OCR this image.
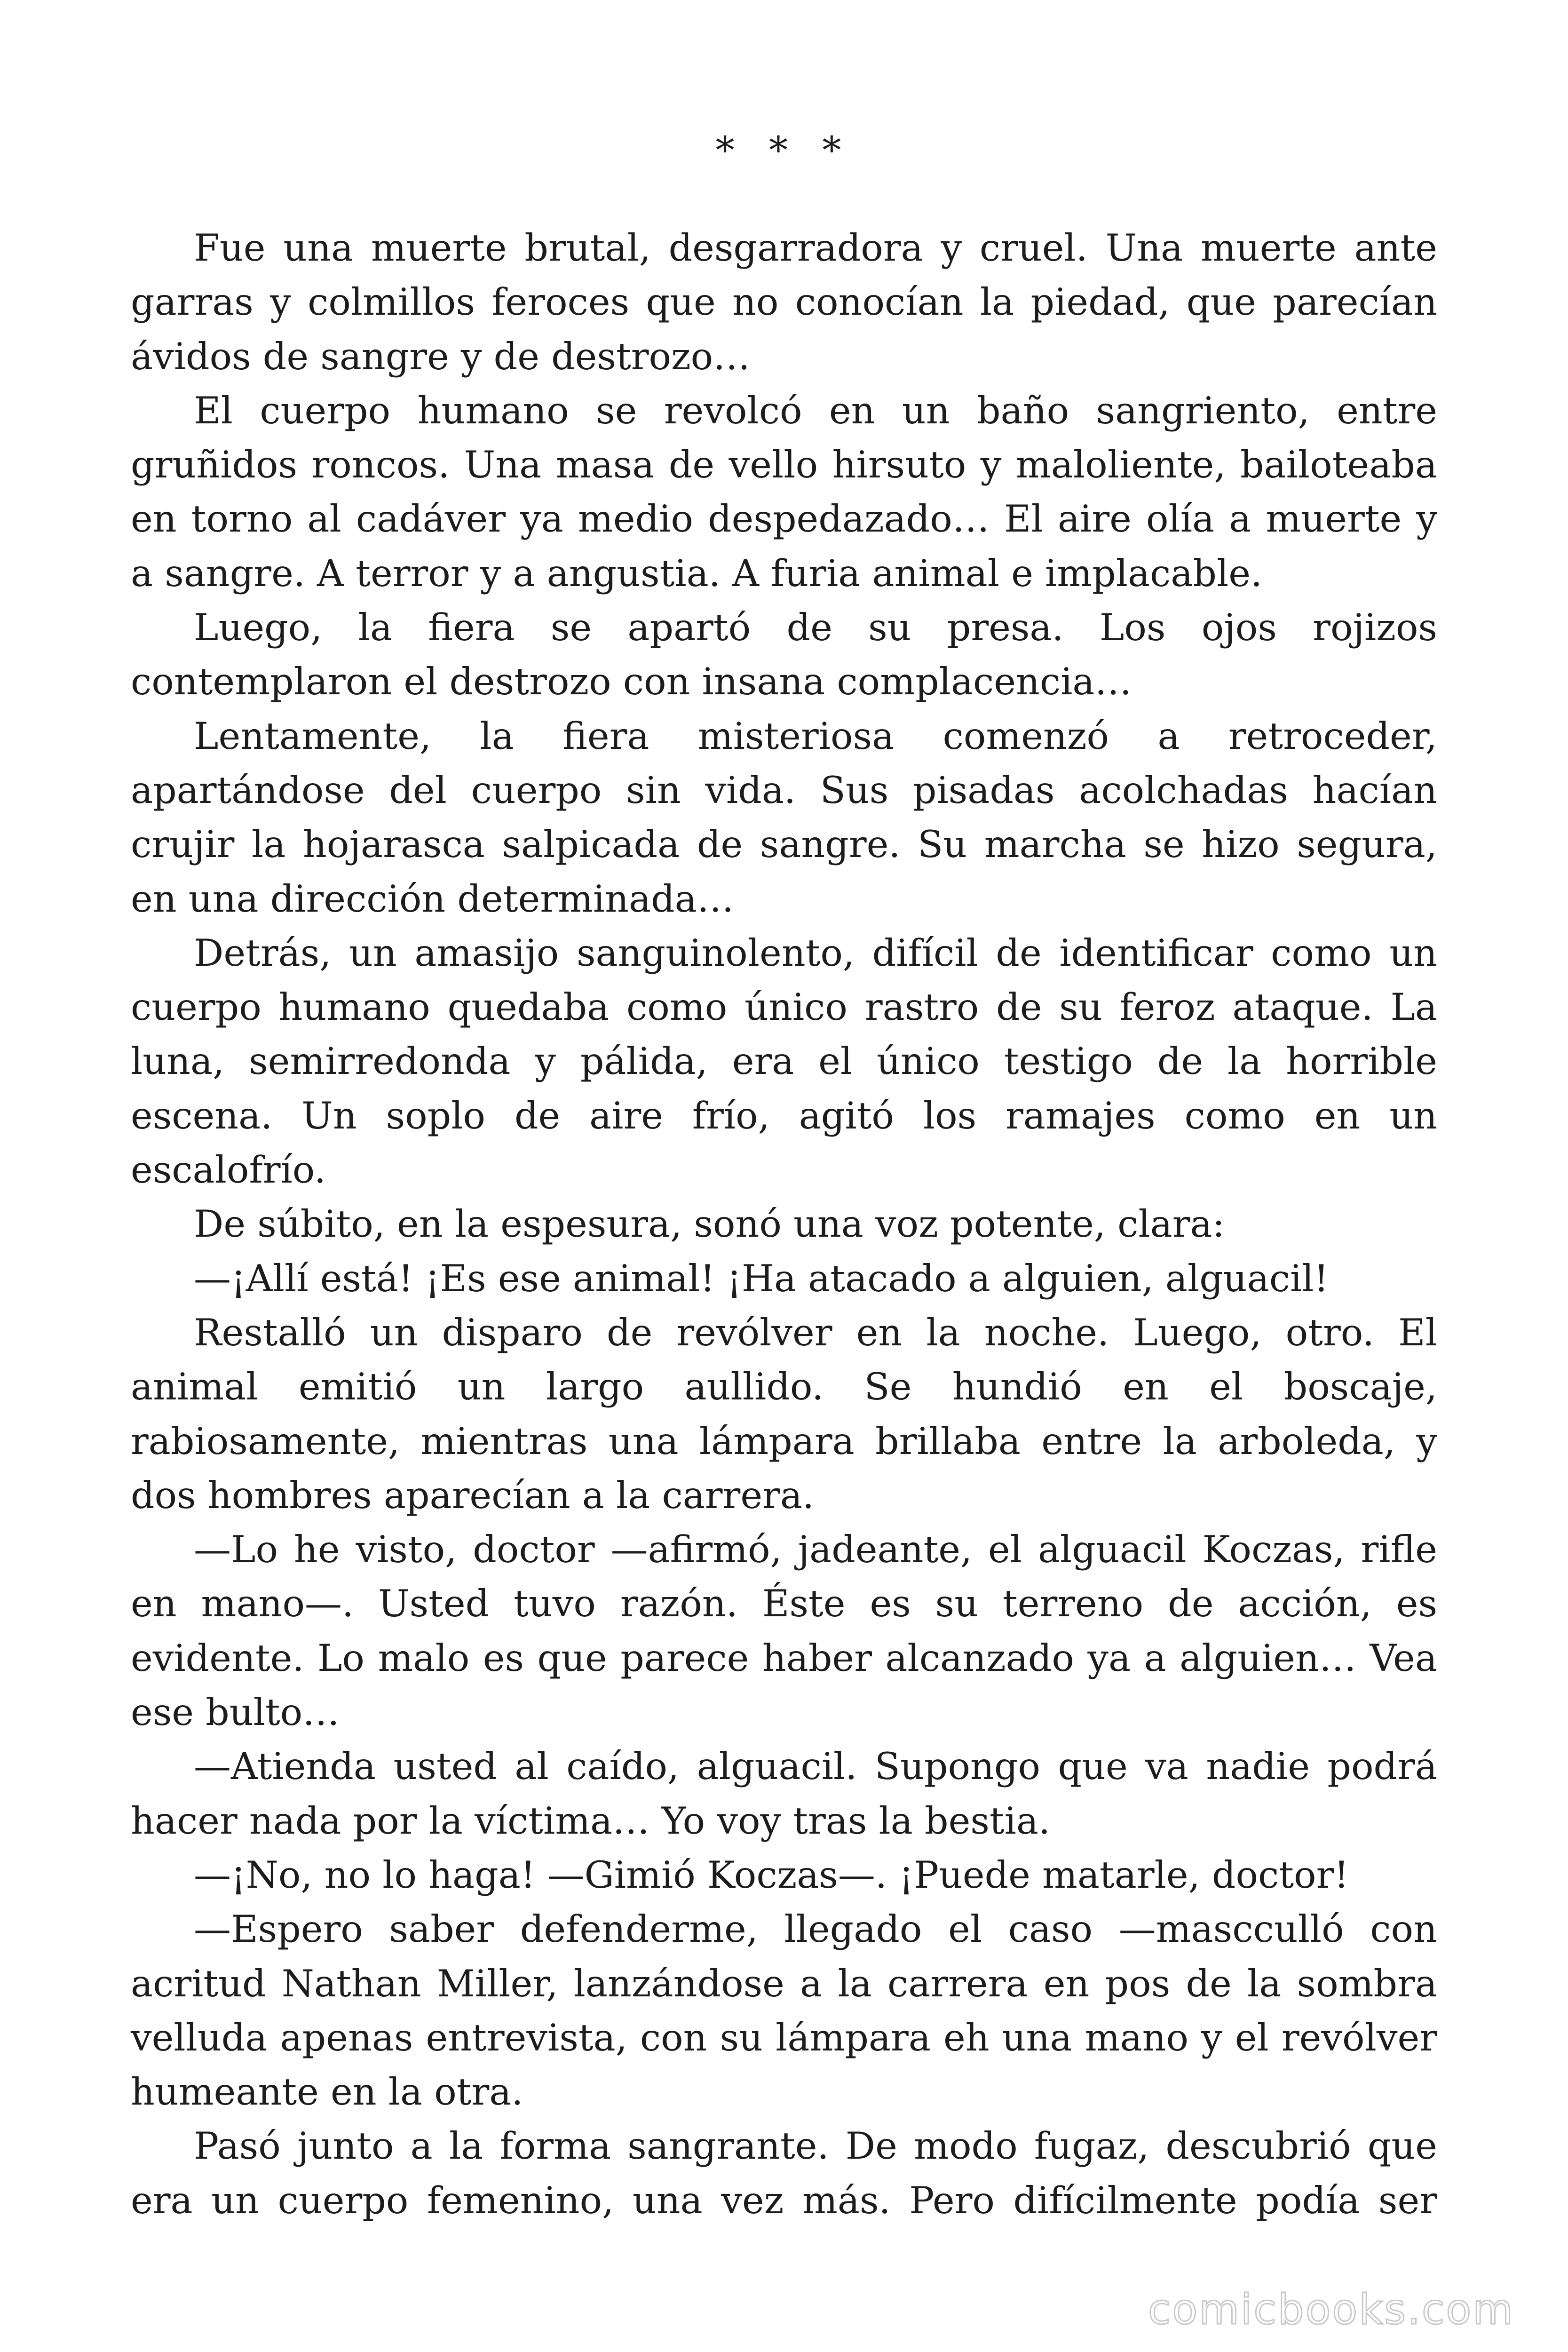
* * *

Fue una muerte brutal, desgarradora y cruel. Una muerte ante garras y colmillos feroces que no conocían la piedad, que parecían ávidos de sangre y de destrozo…

El cuerpo humano se revolcó en un baño sangriento, entre gruñidos roncos. Una masa de vello hirsuto y maloliente, bailoteaba en torno al cadáver ya medio despedazado… El aire olía a muerte y a sangre. A terror y a angustia. A furia animal e implacable.

Luego, la fiera se apartó de su presa. Los ojos rojizos contemplaron el destrozo con insana complacencia…

Lentamente, la fiera misteriosa comenzó a retroceder, apartándose del cuerpo sin vida. Sus pisadas acolchadas hacían crujir la hojarasca salpicada de sangre. Su marcha se hizo segura, en una dirección determinada…

Detrás, un amasijo sanguinolento, difícil de identificar como un cuerpo humano quedaba como único rastro de su feroz ataque. La luna, semirredonda y pálida, era el único testigo de la horrible escena. Un soplo de aire frío, agitó los ramajes como en un escalofrío.

De súbito, en la espesura, sonó una voz potente, clara:

—¡Allí está! ¡Es ese animal! ¡Ha atacado a alguien, alguacil!

Restalló un disparo de revólver en la noche. Luego, otro. El animal emitió un largo aullido. Se hundió en el boscaje, rabiosamente, mientras una lámpara brillaba entre la arboleda, y dos hombres aparecían a la carrera.

—Lo he visto, doctor —afirmó, jadeante, el alguacil Koczas, rifle en mano—. Usted tuvo razón. Éste es su terreno de acción, es evidente. Lo malo es que parece haber alcanzado ya a alguien… Vea ese bulto…

—Atienda usted al caído, alguacil. Supongo que va nadie podrá hacer nada por la víctima… Yo voy tras la bestia.

—¡No, no lo haga! —Gimió Koczas—. ¡Puede matarle, doctor!

—Espero saber defenderme, llegado el caso —mascculló con acritud Nathan Miller, lanzándose a la carrera en pos de la sombra velluda apenas entrevista, con su lámpara eh una mano y el revólver humeante en la otra.

Pasó junto a la forma sangrante. De modo fugaz, descubrió que era un cuerpo femenino, una vez más. Pero difícilmente podía ser

comicbooks.com
